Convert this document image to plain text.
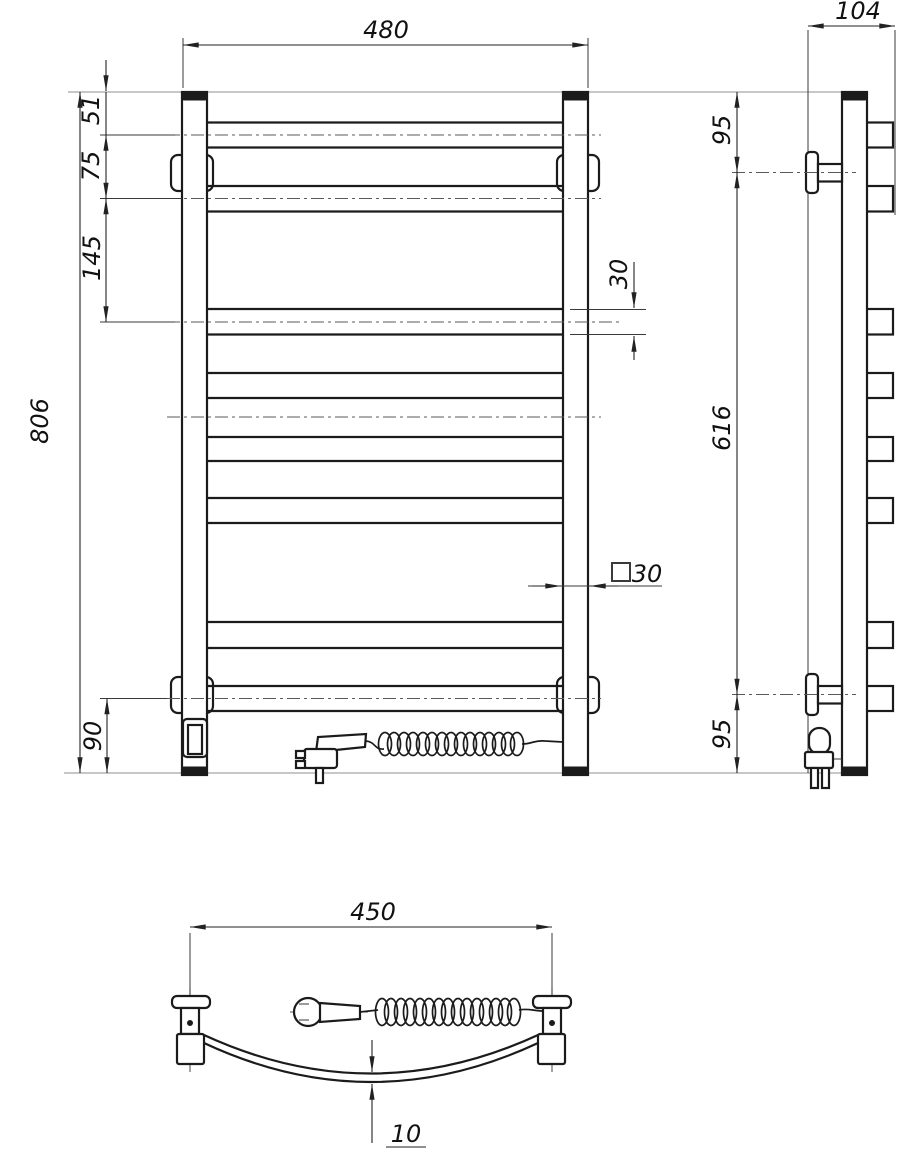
480
806
51
75
145	30
30
90
104
95
616
95
450
10
